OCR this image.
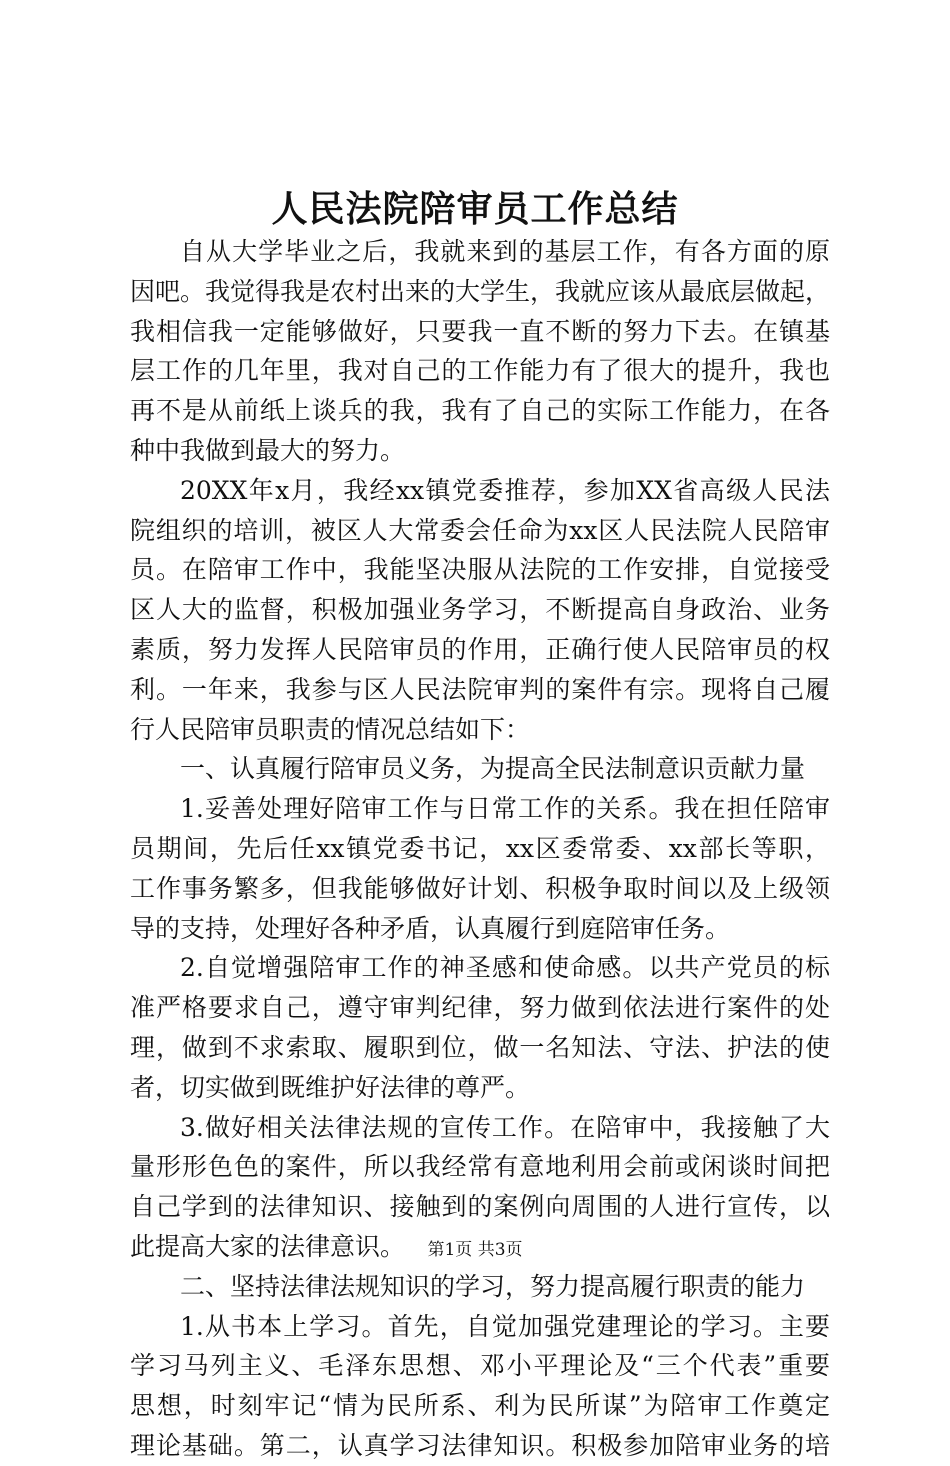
人民法院陪审员工作总结
自从大学毕业之后，我就来到的基层工作，有各方面的原
因吧。我觉得我是农村出来的大学生，我就应该从最底层做起，
我相信我一定能够做好，只要我一直不断的努力下去。在镇基
层工作的几年里，我对自己的工作能力有了很大的提升，我也
再不是从前纸上谈兵的我，我有了自己的实际工作能力，在各
种中我做到最大的努力。
20XX年x月，我经xx镇党委推荐，参加XX省高级人民法
院组织的培训，被区人大常委会任命为xx区人民法院人民陪审
员。在陪审工作中，我能坚决服从法院的工作安排，自觉接受
区人大的监督，积极加强业务学习，不断提高自身政治、业务
素质，努力发挥人民陪审员的作用，正确行使人民陪审员的权
利。一年来，我参与区人民法院审判的案件有宗。现将自己履
行人民陪审员职责的情况总结如下：
一、认真履行陪审员义务，为提高全民法制意识贡献力量
1.妥善处理好陪审工作与日常工作的关系。我在担任陪审
员期间，先后任xx镇党委书记，xx区委常委、xx部长等职，
工作事务繁多，但我能够做好计划、积极争取时间以及上级领
导的支持，处理好各种矛盾，认真履行到庭陪审任务。
2.自觉增强陪审工作的神圣感和使命感。以共产党员的标
准严格要求自己，遵守审判纪律，努力做到依法进行案件的处
理，做到不求索取、履职到位，做一名知法、守法、护法的使
者，切实做到既维护好法律的尊严。
3.做好相关法律法规的宣传工作。在陪审中，我接触了大
量形形色色的案件，所以我经常有意地利用会前或闲谈时间把
自己学到的法律知识、接触到的案例向周围的人进行宣传，以
此提高大家的法律意识。
二、坚持法律法规知识的学习，努力提高履行职责的能力
1.从书本上学习。首先，自觉加强党建理论的学习。主要
学习马列主义、毛泽东思想、邓小平理论及“三个代表”重要
思想，时刻牢记“情为民所系、利为民所谋”为陪审工作奠定
理论基础。第二，认真学习法律知识。积极参加陪审业务的培
第1页 共3页
